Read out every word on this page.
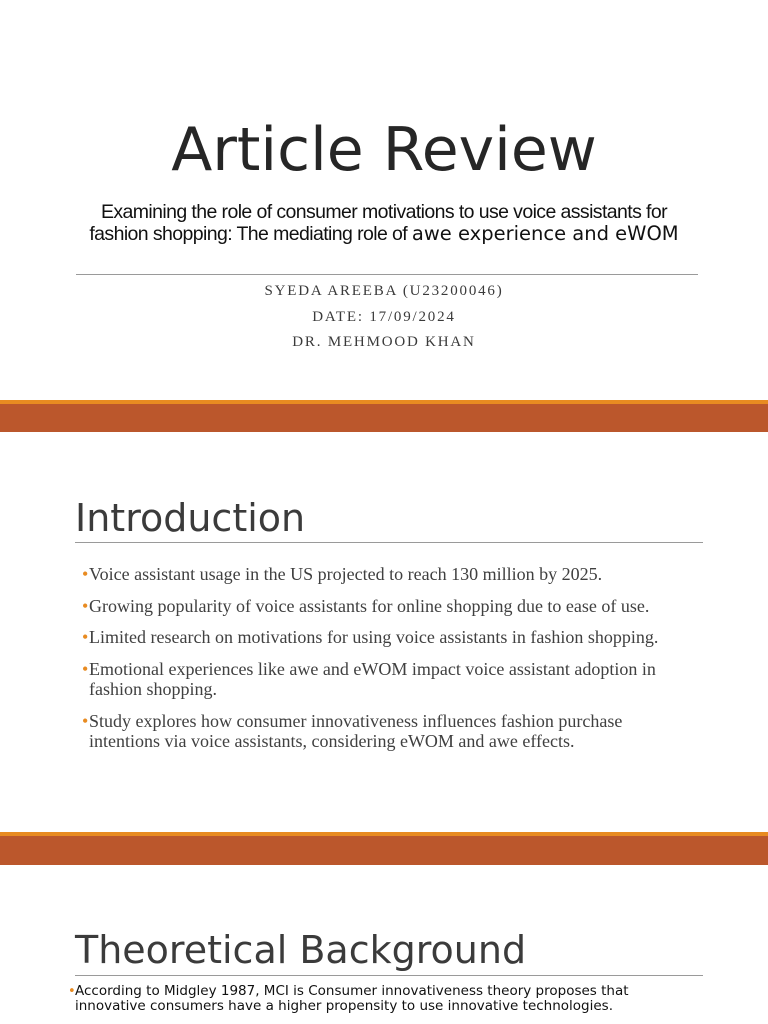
Article Review
Examining the role of consumer motivations to use voice assistants for fashion shopping: The mediating role of awe experience and eWOM
SYEDA AREEBA (U23200046)
DATE: 17/09/2024
DR. MEHMOOD KHAN
Introduction
• Voice assistant usage in the US projected to reach 130 million by 2025.
• Growing popularity of voice assistants for online shopping due to ease of use.
• Limited research on motivations for using voice assistants in fashion shopping.
• Emotional experiences like awe and eWOM impact voice assistant adoption in fashion shopping.
• Study explores how consumer innovativeness influences fashion purchase intentions via voice assistants, considering eWOM and awe effects.
Theoretical Background
• According to Midgley 1987, MCI is Consumer innovativeness theory proposes that innovative consumers have a higher propensity to use innovative technologies.
